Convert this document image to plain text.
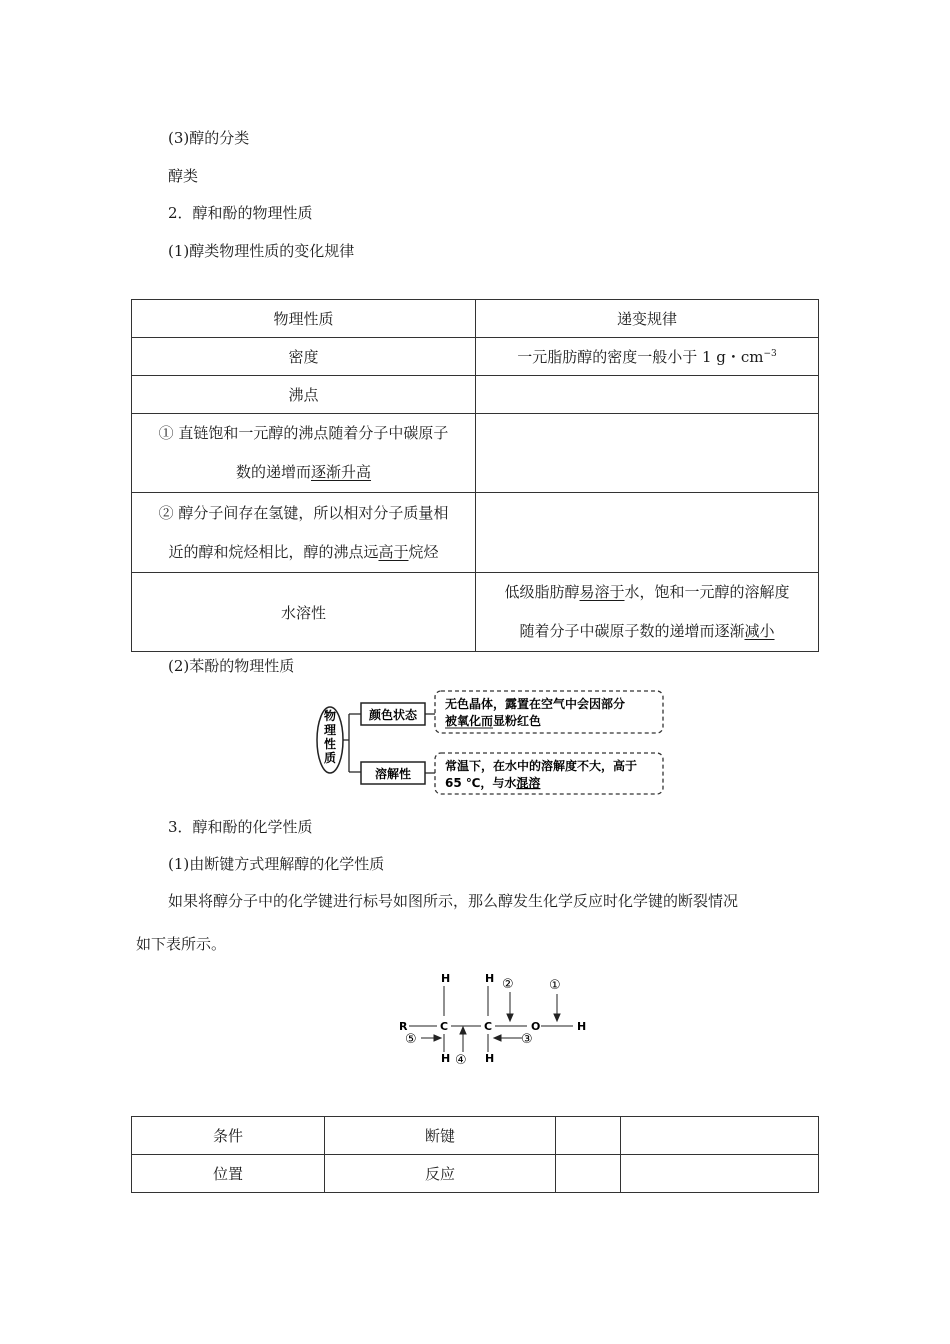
(3)醇的分类
醇类
2．醇和酚的物理性质
(1)醇类物理性质的变化规律
物理性质	递变规律
密度	一元脂肪醇的密度一般小于 1 g・$cm^{-3}$
沸点	
① 直链饱和一元醇的沸点随着分子中碳原子
数的递增而逐渐升高	
② 醇分子间存在氢键，所以相对分子质量相
近的醇和烷烃相比，醇的沸点远高于烷烃	
水溶性	低级脂肪醇易溶于水，饱和一元醇的溶解度
随着分子中碳原子数的递增而逐渐减小
(2)苯酚的物理性质
物
理
性
质
颜色状态
溶解性
无色晶体，露置在空气中会因部分
被氧化而显粉红色
常温下，在水中的溶解度不大，高于
65 ℃，与水混溶
3．醇和酚的化学性质
(1)由断键方式理解醇的化学性质
如果将醇分子中的化学键进行标号如图所示，那么醇发生化学反应时化学键的断裂情况
如下表所示。
R	C	C	O	H
H
H
H
H
①
②
③
④
⑤
条件	断键		
位置	反应		
